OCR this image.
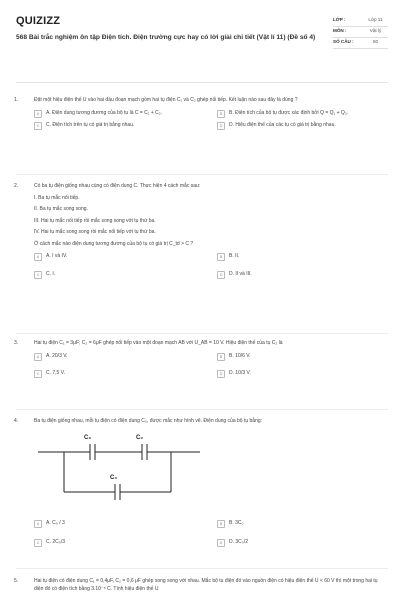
QUIZIZZ
568 Bài trắc nghiệm ôn tập Điện tích. Điện trường cực hay có lời giải chi tiết (Vật lí 11) (Đề số 4)
LỚP :	Lớp 11
MÔN :	Vật lý
SỐ CÂU :	50
1.	Đặt một hiệu điện thế U vào hai đầu đoạn mạch gồm hai tụ điện C₁ và C₂ ghép nối tiếp. Kết luận nào sau đây là đúng ?
A	A. Điện dung tương đương của bộ tụ là C = C₁ + C₂.	B	B. Điện tích của bộ tụ được xác định bởi Q = Q₁ + Q₂.
C	C. Điện tích trên tụ có giá trị bằng nhau.	D	D. Hiệu điện thế của các tụ có giá trị bằng nhau.
2.	Có ba tụ điện giống nhau cùng có điện dung C. Thực hiện 4 cách mắc sau:
I. Ba tụ mắc nối tiếp.
II. Ba tụ mắc song song.
III. Hai tụ mắc nối tiếp rồi mắc song song với tụ thứ ba.
IV. Hai tụ mắc song song rồi mắc nối tiếp với tụ thứ ba.
Ở cách mắc nào điện dung tương đương của bộ tụ có giá trị C_td > C ?
A	A. I và IV.	B	B. II.
C	C. I.	D	D. II và III.
3.	Hai tụ điện C₁ = 3μF; C₂ = 6μF ghép nối tiếp vào một đoạn mạch AB với U_AB = 10 V. Hiệu điện thế của tụ C₂ là
A	A. 20/3 V.	B	B. 10/6 V.
C	C. 7,5 V.	D	D. 10/3 V.
4.	Ba tụ điện giống nhau, mỗi tụ điện có điện dung C₀, được mắc như hình vẽ. Điện dung của bộ tụ bằng:
C₀	C₀
C₀
A	A. C₀ / 3	B	B. 3C₀
C	C. 2C₀/3	D	D. 3C₀/2
5.	Hai tụ điện có điện dung C₁ = 0,4μF, C₂ = 0,6 μF ghép song song với nhau. Mắc bộ tụ điện đó vào nguồn điện có hiệu điện thế U < 60 V thì một trong hai tụ điện đó có điện tích bằng 3.10⁻⁵ C. Tính hiệu điện thế U
